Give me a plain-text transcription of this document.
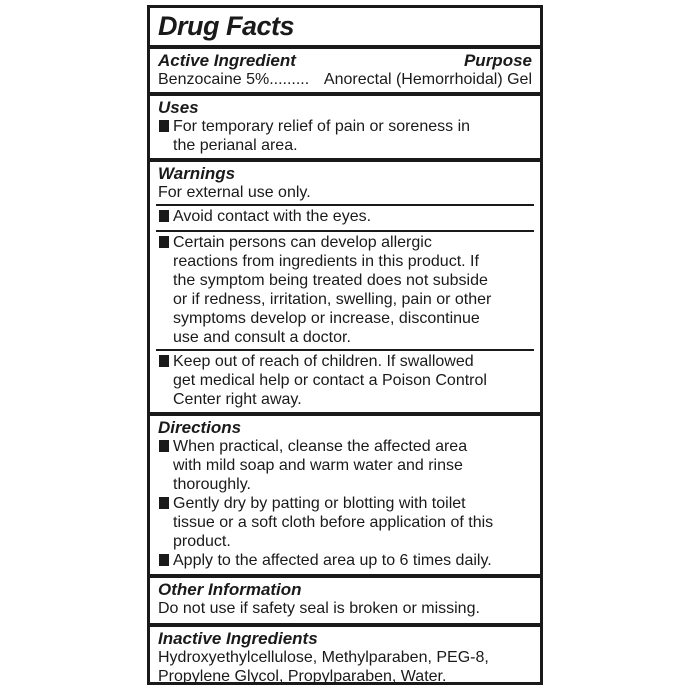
Drug Facts
Active Ingredient	Purpose
Benzocaine 5%......... Anorectal (Hemorrhoidal) Gel
Uses
For temporary relief of pain or soreness in
the perianal area.
Warnings
For external use only.
Avoid contact with the eyes.
Certain persons can develop allergic
reactions from ingredients in this product. If
the symptom being treated does not subside
or if redness, irritation, swelling, pain or other
symptoms develop or increase, discontinue
use and consult a doctor.
Keep out of reach of children. If swallowed
get medical help or contact a Poison Control
Center right away.
Directions
When practical, cleanse the affected area
with mild soap and warm water and rinse
thoroughly.
Gently dry by patting or blotting with toilet
tissue or a soft cloth before application of this
product.
Apply to the affected area up to 6 times daily.
Other Information
Do not use if safety seal is broken or missing.
Inactive Ingredients
Hydroxyethylcellulose, Methylparaben, PEG-8,
Propylene Glycol, Propylparaben, Water.
